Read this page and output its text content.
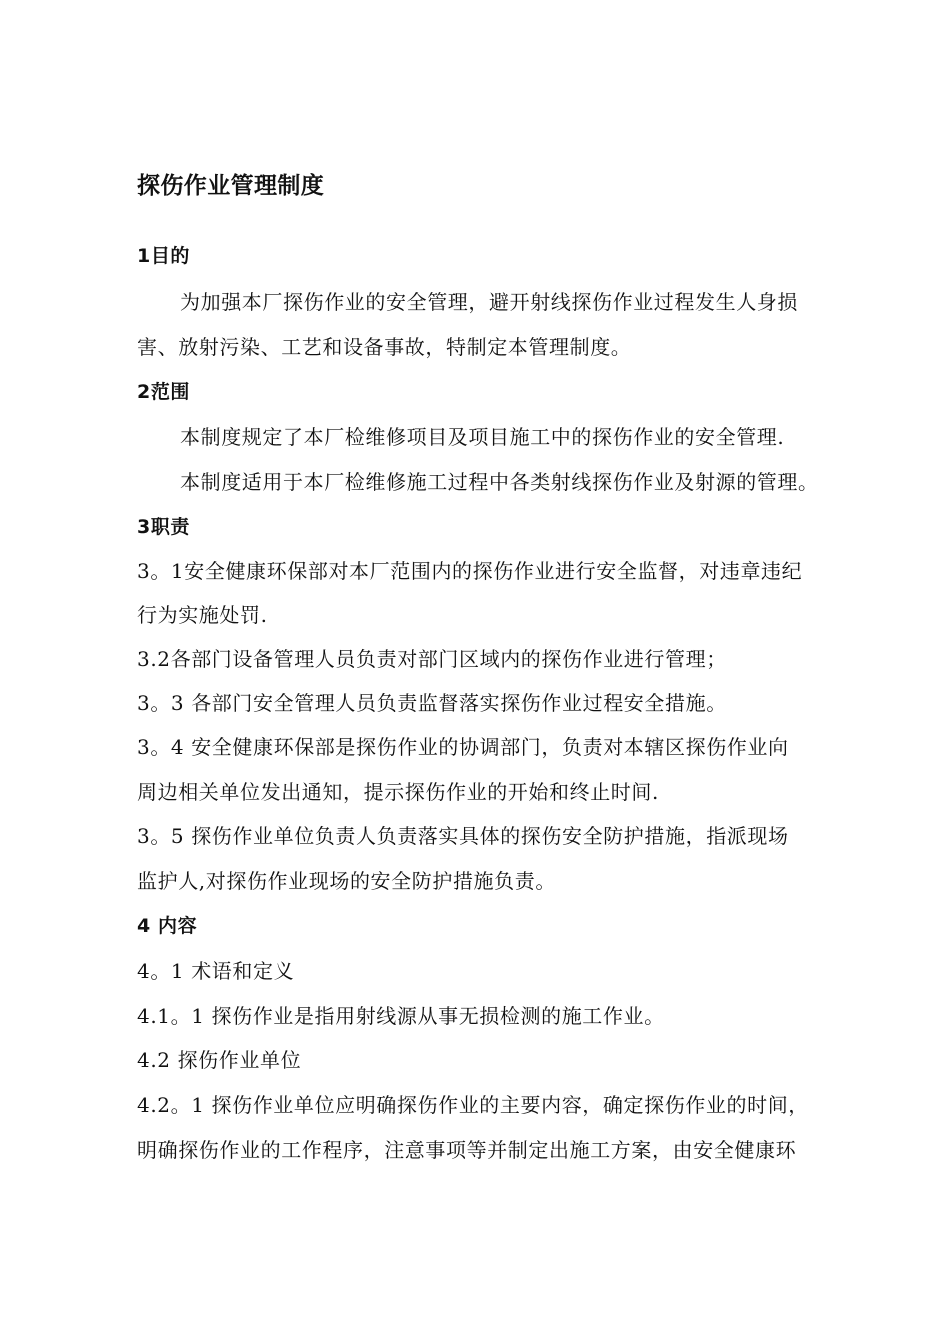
探伤作业管理制度
1目的
为加强本厂探伤作业的安全管理，避开射线探伤作业过程发生人身损
害、放射污染、工艺和设备事故，特制定本管理制度。
2范围
本制度规定了本厂检维修项目及项目施工中的探伤作业的安全管理.
本制度适用于本厂检维修施工过程中各类射线探伤作业及射源的管理。
3职责
3。1安全健康环保部对本厂范围内的探伤作业进行安全监督，对违章违纪
行为实施处罚.
3.2各部门设备管理人员负责对部门区域内的探伤作业进行管理；
3。3 各部门安全管理人员负责监督落实探伤作业过程安全措施。
3。4 安全健康环保部是探伤作业的协调部门，负责对本辖区探伤作业向
周边相关单位发出通知，提示探伤作业的开始和终止时间.
3。5 探伤作业单位负责人负责落实具体的探伤安全防护措施，指派现场
监护人,对探伤作业现场的安全防护措施负责。
4 内容
4。1 术语和定义
4.1。1 探伤作业是指用射线源从事无损检测的施工作业。
4.2 探伤作业单位
4.2。1 探伤作业单位应明确探伤作业的主要内容，确定探伤作业的时间，
明确探伤作业的工作程序，注意事项等并制定出施工方案，由安全健康环
